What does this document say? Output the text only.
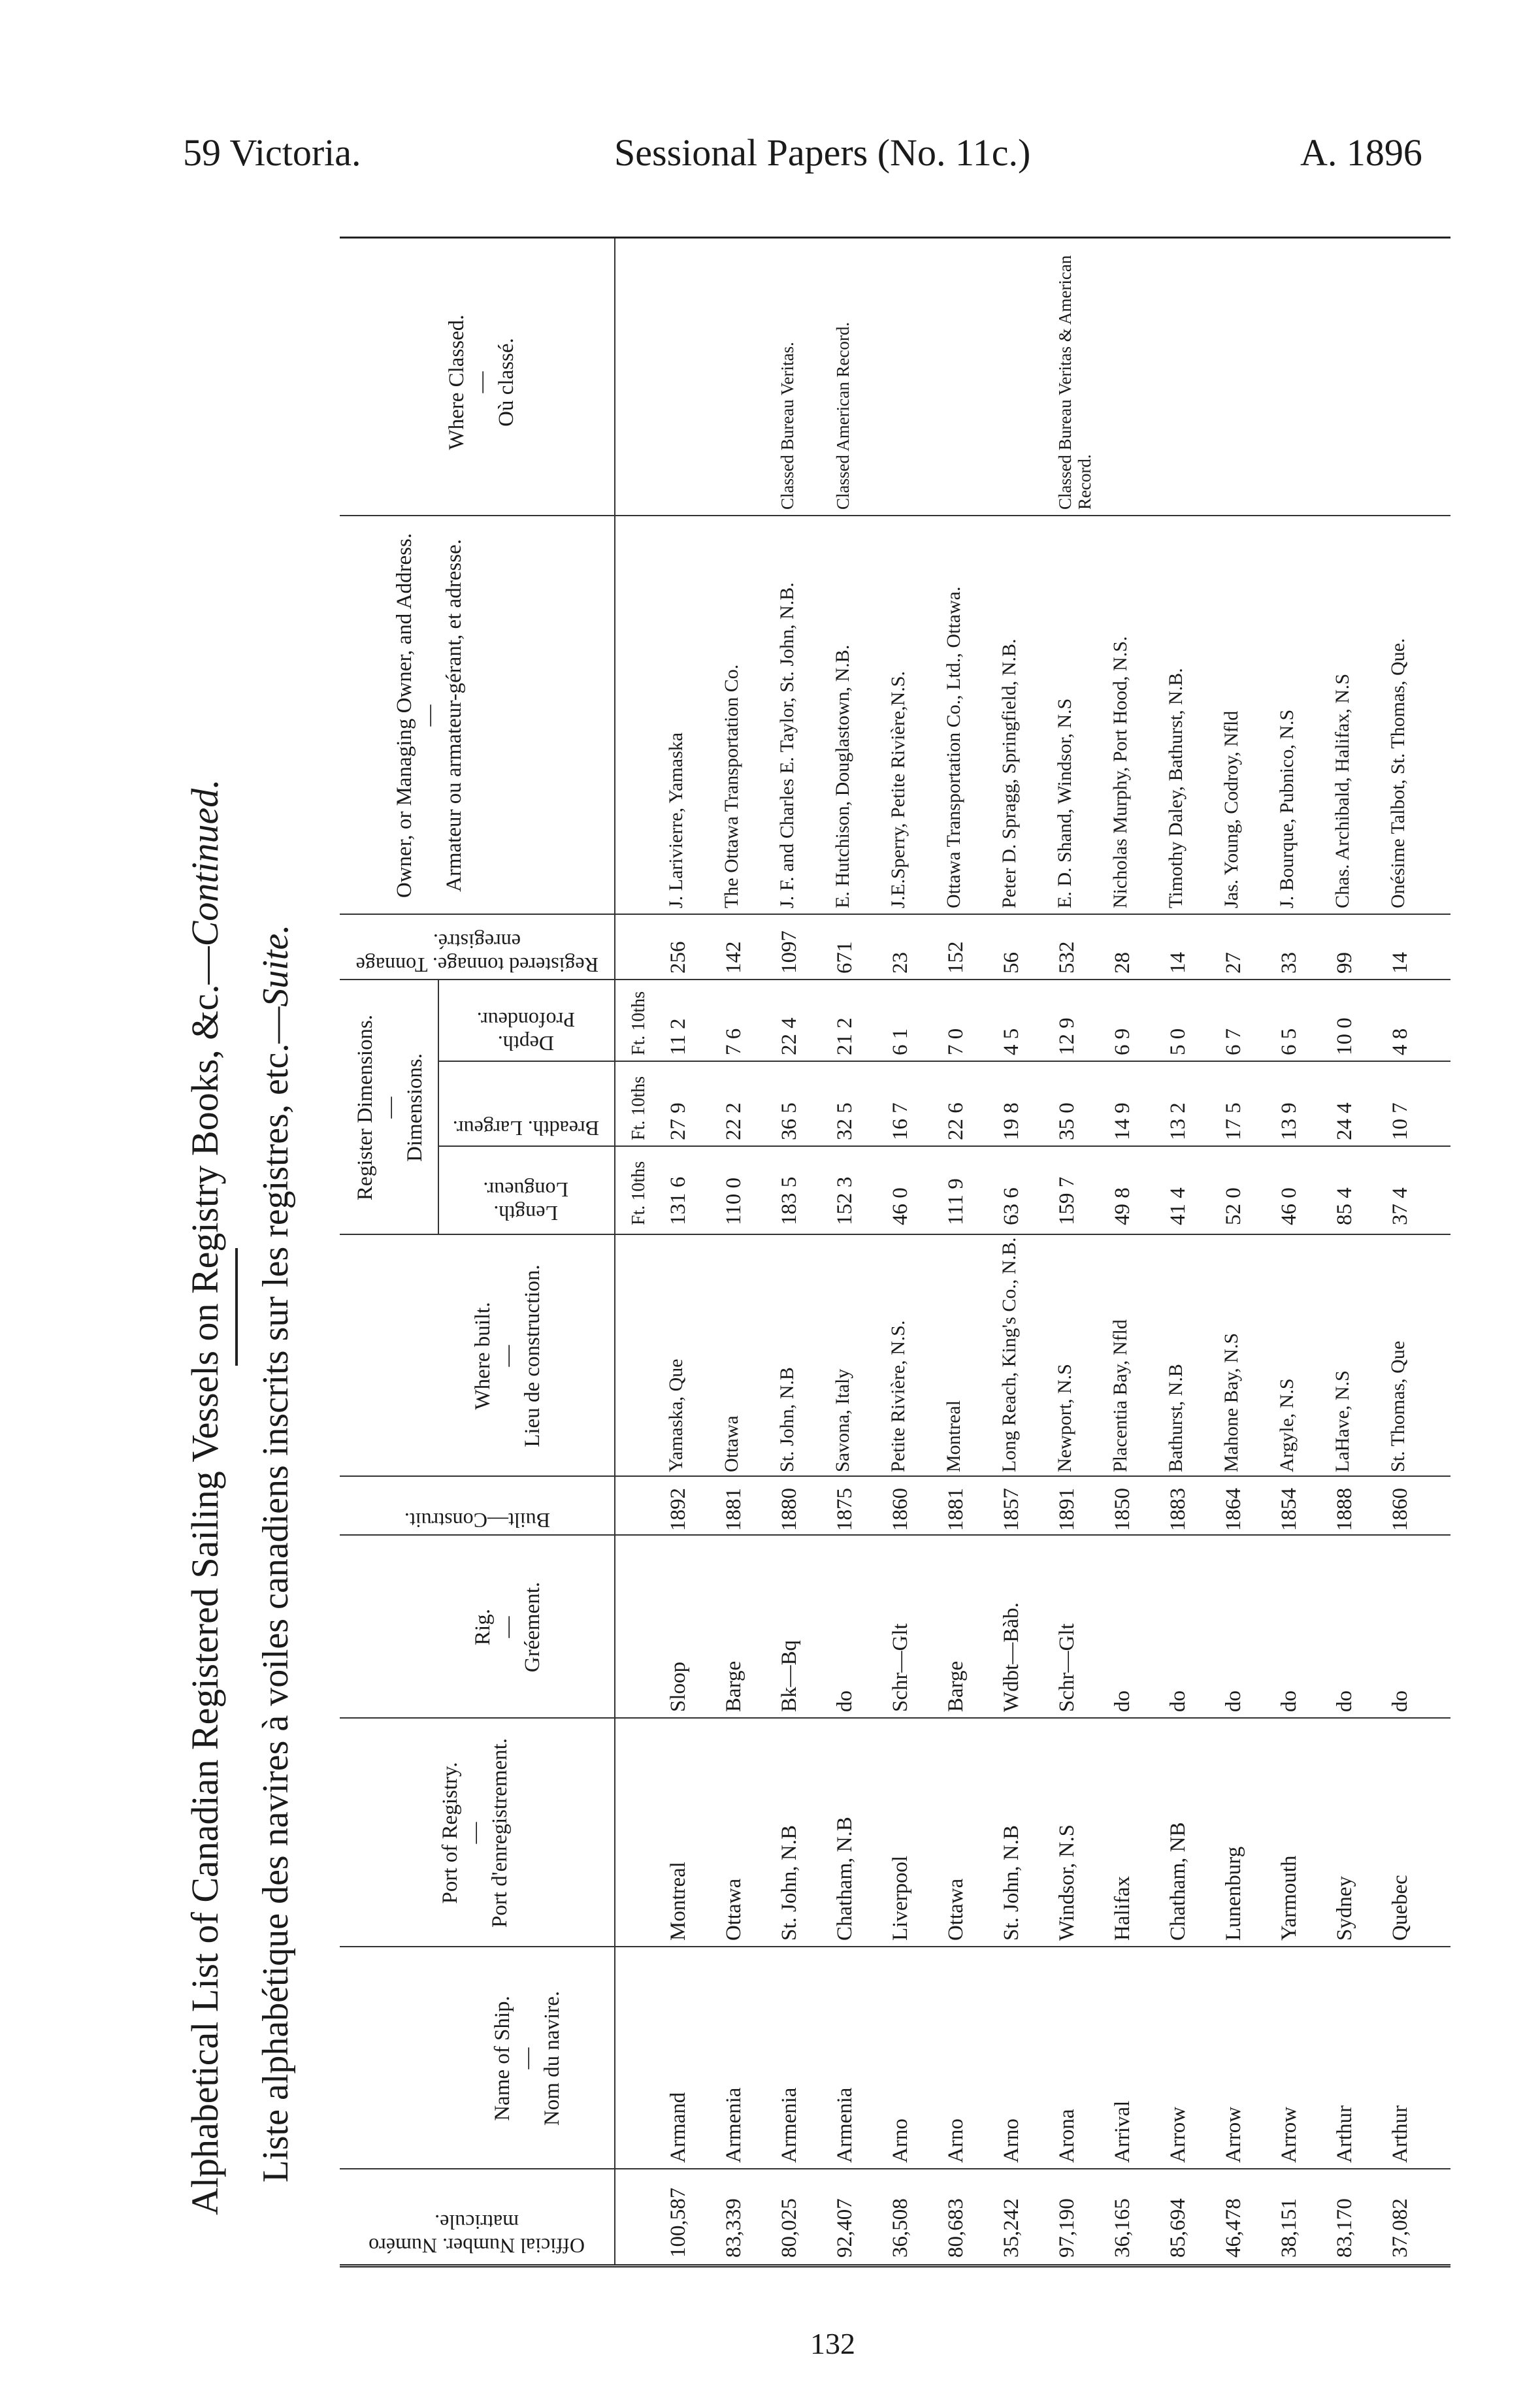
59 Victoria.	Sessional Papers (No. 11c.)	A. 1896
Alphabetical List of Canadian Registered Sailing Vessels on Registry Books, &c.—Continued.
Liste alphabétique des navires à voiles canadiens inscrits sur les registres, etc.—Suite.
Official Number. Numéro matricule.
Name of Ship. — Nom du navire.
Port of Registry. — Port d'enregistrement.
Rig. — Gréement.
Built—Construit.
Where built. — Lieu de construction.
Register Dimensions. — Dimensions.
Length. Longueur.
Breadth. Largeur.
Depth. Profondeur.
Registered tonnage. Tonnage enregistré.
Owner, or Managing Owner, and Address. — Armateur ou armateur-gérant, et adresse.
Where Classed. — Où classé.
Ft. 10ths
Ft. 10ths
Ft. 10ths
100,587
Armand
Montreal
Sloop
1892
Yamaska, Que
131 6
27 9
11 2
256
J. Larivierre, Yamaska
83,339
Armenia
Ottawa
Barge
1881
Ottawa
110 0
22 2
7 6
142
The Ottawa Transportation Co.
80,025
Armenia
St. John, N.B
Bk—Bq
1880
St. John, N.B
183 5
36 5
22 4
1097
J. F. and Charles E. Taylor, St. John, N.B.
Classed Bureau Veritas.
92,407
Armenia
Chatham, N.B
do
1875
Savona, Italy
152 3
32 5
21 2
671
E. Hutchison, Douglastown, N.B.
Classed American Record.
36,508
Arno
Liverpool
Schr—Glt
1860
Petite Rivière, N.S.
46 0
16 7
6 1
23
J.E.Sperry, Petite Rivière,N.S.
80,683
Arno
Ottawa
Barge
1881
Montreal
111 9
22 6
7 0
152
Ottawa Transportation Co., Ltd., Ottawa.
35,242
Arno
St. John, N.B
Wdbt—Bàb.
1857
Long Reach, King's Co., N.B.
63 6
19 8
4 5
56
Peter D. Spragg, Springfield, N.B.
97,190
Arona
Windsor, N.S
Schr—Glt
1891
Newport, N.S
159 7
35 0
12 9
532
E. D. Shand, Windsor, N.S
Classed Bureau Veritas & American Record.
36,165
Arrival
Halifax
do
1850
Placentia Bay, Nfld
49 8
14 9
6 9
28
Nicholas Murphy, Port Hood, N.S.
85,694
Arrow
Chatham, NB
do
1883
Bathurst, N.B
41 4
13 2
5 0
14
Timothy Daley, Bathurst, N.B.
46,478
Arrow
Lunenburg
do
1864
Mahone Bay, N.S
52 0
17 5
6 7
27
Jas. Young, Codroy, Nfld
38,151
Arrow
Yarmouth
do
1854
Argyle, N.S
46 0
13 9
6 5
33
J. Bourque, Pubnico, N.S
83,170
Arthur
Sydney
do
1888
LaHave, N.S
85 4
24 4
10 0
99
Chas. Archibald, Halifax, N.S
37,082
Arthur
Quebec
do
1860
St. Thomas, Que
37 4
10 7
4 8
14
Onésime Talbot, St. Thomas, Que.
132
